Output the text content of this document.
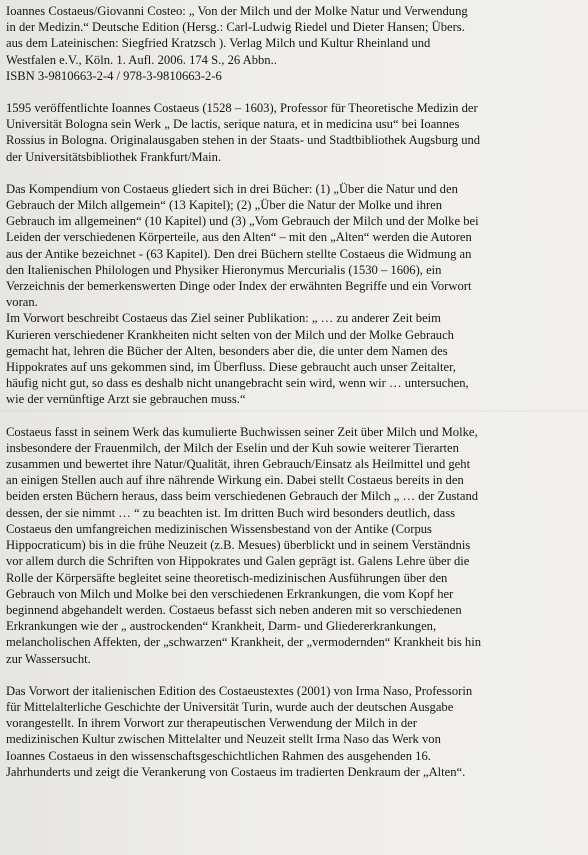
Ioannes Costaeus/Giovanni Costeo: „ Von der Milch und der Molke Natur und Verwendung
in der Medizin.“ Deutsche Edition (Hersg.: Carl-Ludwig Riedel und Dieter Hansen; Übers.
aus dem Lateinischen: Siegfried Kratzsch ). Verlag Milch und Kultur Rheinland und
Westfalen e.V., Köln. 1. Aufl. 2006. 174 S., 26 Abbn..
ISBN 3-9810663-2-4 / 978-3-9810663-2-6
1595 veröffentlichte Ioannes Costaeus (1528 – 1603), Professor für Theoretische Medizin der
Universität Bologna sein Werk „ De lactis, serique natura, et in medicina usu“ bei Ioannes
Rossius in Bologna. Originalausgaben stehen in der Staats- und Stadtbibliothek Augsburg und
der Universitätsbibliothek Frankfurt/Main.
Das Kompendium von Costaeus gliedert sich in drei Bücher: (1) „Über die Natur und den
Gebrauch der Milch allgemein“ (13 Kapitel); (2) „Über die Natur der Molke und ihren
Gebrauch im allgemeinen“ (10 Kapitel) und (3) „Vom Gebrauch der Milch und der Molke bei
Leiden der verschiedenen Körperteile, aus den Alten“ – mit den „Alten“ werden die Autoren
aus der Antike bezeichnet - (63 Kapitel). Den drei Büchern stellte Costaeus die Widmung an
den Italienischen Philologen und Physiker Hieronymus Mercurialis (1530 – 1606), ein
Verzeichnis der bemerkenswerten Dinge oder Index der erwähnten Begriffe und ein Vorwort
voran.
Im Vorwort beschreibt Costaeus das Ziel seiner Publikation: „ … zu anderer Zeit beim
Kurieren verschiedener Krankheiten nicht selten von der Milch und der Molke Gebrauch
gemacht hat, lehren die Bücher der Alten, besonders aber die, die unter dem Namen des
Hippokrates auf uns gekommen sind, im Überfluss. Diese gebraucht auch unser Zeitalter,
häufig nicht gut, so dass es deshalb nicht unangebracht sein wird, wenn wir … untersuchen,
wie der vernünftige Arzt sie gebrauchen muss.“
Costaeus fasst in seinem Werk das kumulierte Buchwissen seiner Zeit über Milch und Molke,
insbesondere der Frauenmilch, der Milch der Eselin und der Kuh sowie weiterer Tierarten
zusammen und bewertet ihre Natur/Qualität, ihren Gebrauch/Einsatz als Heilmittel und geht
an einigen Stellen auch auf ihre nährende Wirkung ein. Dabei stellt Costaeus bereits in den
beiden ersten Büchern heraus, dass beim verschiedenen Gebrauch der Milch „ … der Zustand
dessen, der sie nimmt … “ zu beachten ist. Im dritten Buch wird besonders deutlich, dass
Costaeus den umfangreichen medizinischen Wissensbestand von der Antike (Corpus
Hippocraticum) bis in die frühe Neuzeit (z.B. Mesues) überblickt und in seinem Verständnis
vor allem durch die Schriften von Hippokrates und Galen geprägt ist. Galens Lehre über die
Rolle der Körpersäfte begleitet seine theoretisch-medizinischen Ausführungen über den
Gebrauch von Milch und Molke bei den verschiedenen Erkrankungen, die vom Kopf her
beginnend abgehandelt werden. Costaeus befasst sich neben anderen mit so verschiedenen
Erkrankungen wie der „ austrockenden“ Krankheit, Darm- und Gliedererkrankungen,
melancholischen Affekten, der „schwarzen“ Krankheit, der „vermodernden“ Krankheit bis hin
zur Wassersucht.
Das Vorwort der italienischen Edition des Costaeustextes (2001) von Irma Naso, Professorin
für Mittelalterliche Geschichte der Universität Turin, wurde auch der deutschen Ausgabe
vorangestellt. In ihrem Vorwort zur therapeutischen Verwendung der Milch in der
medizinischen Kultur zwischen Mittelalter und Neuzeit stellt Irma Naso das Werk von
Ioannes Costaeus in den wissenschaftsgeschichtlichen Rahmen des ausgehenden 16.
Jahrhunderts und zeigt die Verankerung von Costaeus im tradierten Denkraum der „Alten“.
